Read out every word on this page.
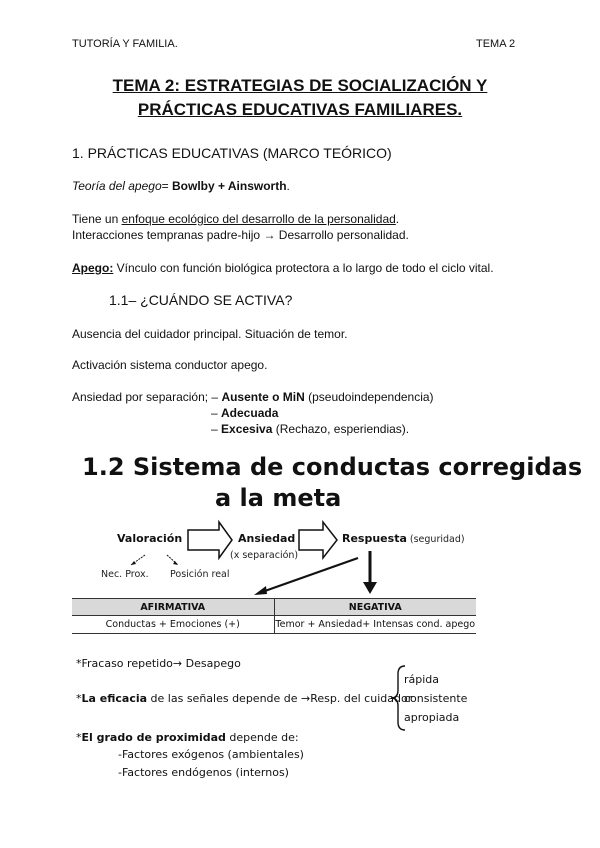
TUTORÍA Y FAMILIA.	TEMA 2
TEMA 2: ESTRATEGIAS DE SOCIALIZACIÓN Y
PRÁCTICAS EDUCATIVAS FAMILIARES.
1. PRÁCTICAS EDUCATIVAS (MARCO TEÓRICO)
Teoría del apego= Bowlby + Ainsworth.
Tiene un enfoque ecológico del desarrollo de la personalidad.
Interacciones tempranas padre-hijo → Desarrollo personalidad.
Apego: Vínculo con función biológica protectora a lo largo de todo el ciclo vital.
1.1– ¿CUÁNDO SE ACTIVA?
Ausencia del cuidador principal. Situación de temor.
Activación sistema conductor apego.
Ansiedad por separación; – Ausente o MiN (pseudoindependencia)
– Adecuada
– Excesiva (Rechazo, esperiendias).
1.2 Sistema de conductas corregidas
a la meta
Valoración	Ansiedad
(x separación)
Respuesta (seguridad)
Nec. Prox. Posición real
AFIRMATIVA	NEGATIVA
Conductas + Emociones (+)	Temor + Ansiedad+ Intensas cond. apego
*Fracaso repetido→ Desapego
*La eficacia de las señales depende de →Resp. del cuidador
rápida
consistente
apropiada
*El grado de proximidad depende de:
-Factores exógenos (ambientales)
-Factores endógenos (internos)
